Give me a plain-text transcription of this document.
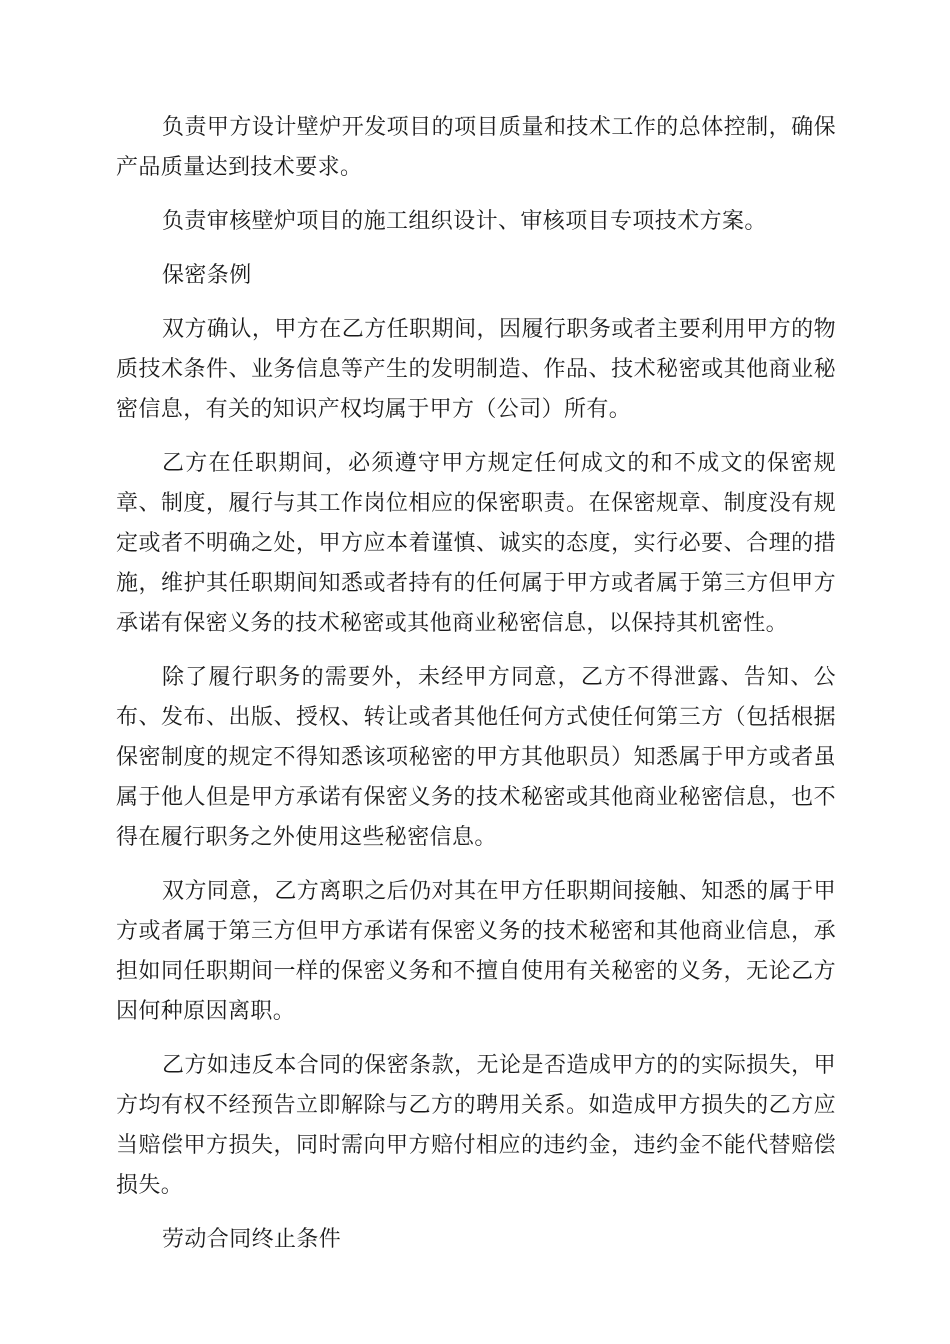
负责甲方设计壁炉开发项目的项目质量和技术工作的总体控制，确保产品质量达到技术要求。

负责审核壁炉项目的施工组织设计、审核项目专项技术方案。

保密条例

双方确认，甲方在乙方任职期间，因履行职务或者主要利用甲方的物质技术条件、业务信息等产生的发明制造、作品、技术秘密或其他商业秘密信息，有关的知识产权均属于甲方（公司）所有。

乙方在任职期间，必须遵守甲方规定任何成文的和不成文的保密规章、制度，履行与其工作岗位相应的保密职责。在保密规章、制度没有规定或者不明确之处，甲方应本着谨慎、诚实的态度，实行必要、合理的措施，维护其任职期间知悉或者持有的任何属于甲方或者属于第三方但甲方承诺有保密义务的技术秘密或其他商业秘密信息，以保持其机密性。

除了履行职务的需要外，未经甲方同意，乙方不得泄露、告知、公布、发布、出版、授权、转让或者其他任何方式使任何第三方（包括根据保密制度的规定不得知悉该项秘密的甲方其他职员）知悉属于甲方或者虽属于他人但是甲方承诺有保密义务的技术秘密或其他商业秘密信息，也不得在履行职务之外使用这些秘密信息。

双方同意，乙方离职之后仍对其在甲方任职期间接触、知悉的属于甲方或者属于第三方但甲方承诺有保密义务的技术秘密和其他商业信息，承担如同任职期间一样的保密义务和不擅自使用有关秘密的义务，无论乙方因何种原因离职。

乙方如违反本合同的保密条款，无论是否造成甲方的的实际损失，甲方均有权不经预告立即解除与乙方的聘用关系。如造成甲方损失的乙方应当赔偿甲方损失，同时需向甲方赔付相应的违约金，违约金不能代替赔偿损失。

劳动合同终止条件
